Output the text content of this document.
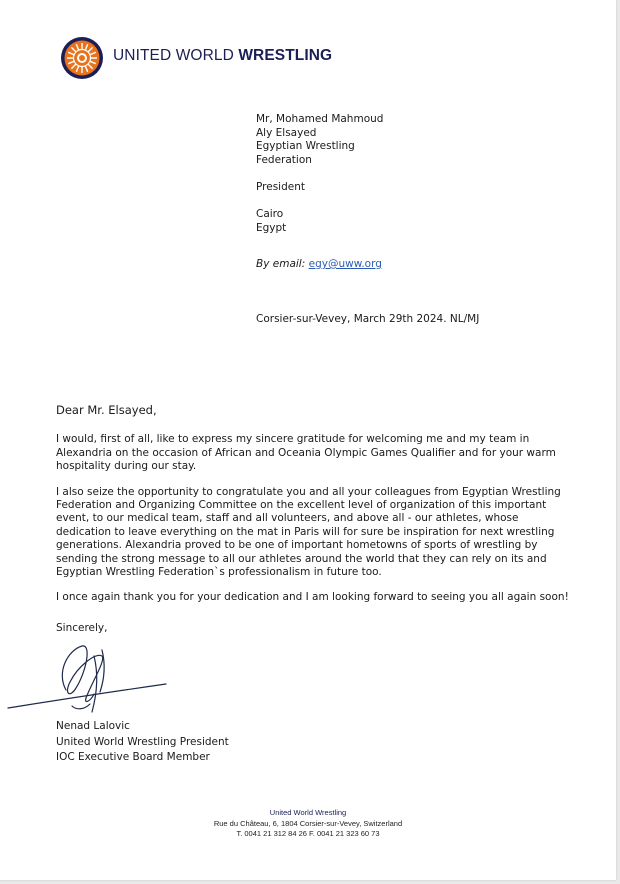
UNITED WORLD WRESTLING

Mr, Mohamed Mahmoud

Aly Elsayed

Egyptian Wrestling

Federation

President

Cairo

Egypt

By email: egy@uww.org
Corsier-sur-Vevey, March 29th 2024. NL/MJ

Dear Mr. Elsayed,

I would, first of all, like to express my sincere gratitude for welcoming me and my team in Alexandria on the occasion of African and Oceania Olympic Games Qualifier and for your warm hospitality during our stay.

I also seize the opportunity to congratulate you and all your colleagues from Egyptian Wrestling Federation and Organizing Committee on the excellent level of organization of this important event, to our medical team, staff and all volunteers, and above all - our athletes, whose dedication to leave everything on the mat in Paris will for sure be inspiration for next wrestling generations. Alexandria proved to be one of important hometowns of sports of wrestling by sending the strong message to all our athletes around the world that they can rely on its and Egyptian Wrestling Federation`s professionalism in future too.

I once again thank you for your dedication and I am looking forward to seeing you all again soon!

Sincerely,

Nenad Lalovic

United World Wrestling President

IOC Executive Board Member

United World Wrestling

Rue du Château, 6, 1804 Corsier-sur-Vevey, Switzerland

T. 0041 21 312 84 26 F. 0041 21 323 60 73
